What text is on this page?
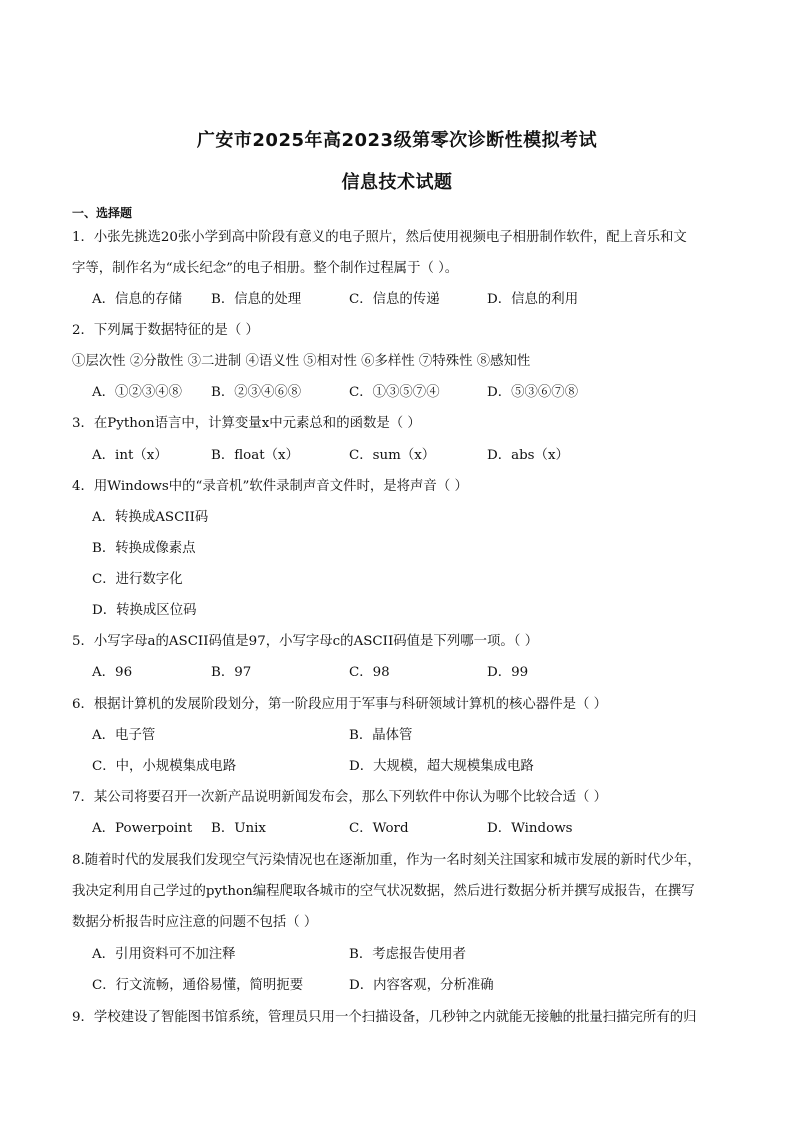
广安市2025年高2023级第零次诊断性模拟考试
信息技术试题
一、选择题
1．小张先挑选20张小学到高中阶段有意义的电子照片，然后使用视频电子相册制作软件，配上音乐和文
字等，制作名为“成长纪念”的电子相册。整个制作过程属于（ ）。
A．信息的存储 B．信息的处理	C．信息的传递	D．信息的利用
2．下列属于数据特征的是（ ）
①层次性 ②分散性 ③二进制 ④语义性 ⑤相对性 ⑥多样性 ⑦特殊性 ⑧感知性
A．①②③④⑧ B．②③④⑥⑧	C．①③⑤⑦④	D．⑤③⑥⑦⑧
3．在Python语言中，计算变量x中元素总和的函数是（ ）
A．int（x）	B．float（x）	C．sum（x）	D．abs（x）
4．用Windows中的“录音机”软件录制声音文件时，是将声音（ ）
A．转换成ASCII码
B．转换成像素点
C．进行数字化
D．转换成区位码
5．小写字母a的ASCII码值是97，小写字母c的ASCII码值是下列哪一项。（ ）
A．96	B．97	C．98	D．99
6．根据计算机的发展阶段划分，第一阶段应用于军事与科研领域计算机的核心器件是（ ）
A．电子管	B．晶体管
C．中，小规模集成电路	D．大规模，超大规模集成电路
7．某公司将要召开一次新产品说明新闻发布会，那么下列软件中你认为哪个比较合适（ ）
A．Powerpoint B．Unix	C．Word	D．Windows
8.随着时代的发展我们发现空气污染情况也在逐渐加重，作为一名时刻关注国家和城市发展的新时代少年，
我决定利用自己学过的python编程爬取各城市的空气状况数据，然后进行数据分析并撰写成报告，在撰写
数据分析报告时应注意的问题不包括（ ）
A．引用资料可不加注释	B．考虑报告使用者
C．行文流畅，通俗易懂，简明扼要	D．内容客观，分析准确
9．学校建设了智能图书馆系统，管理员只用一个扫描设备，几秒钟之内就能无接触的批量扫描完所有的归
